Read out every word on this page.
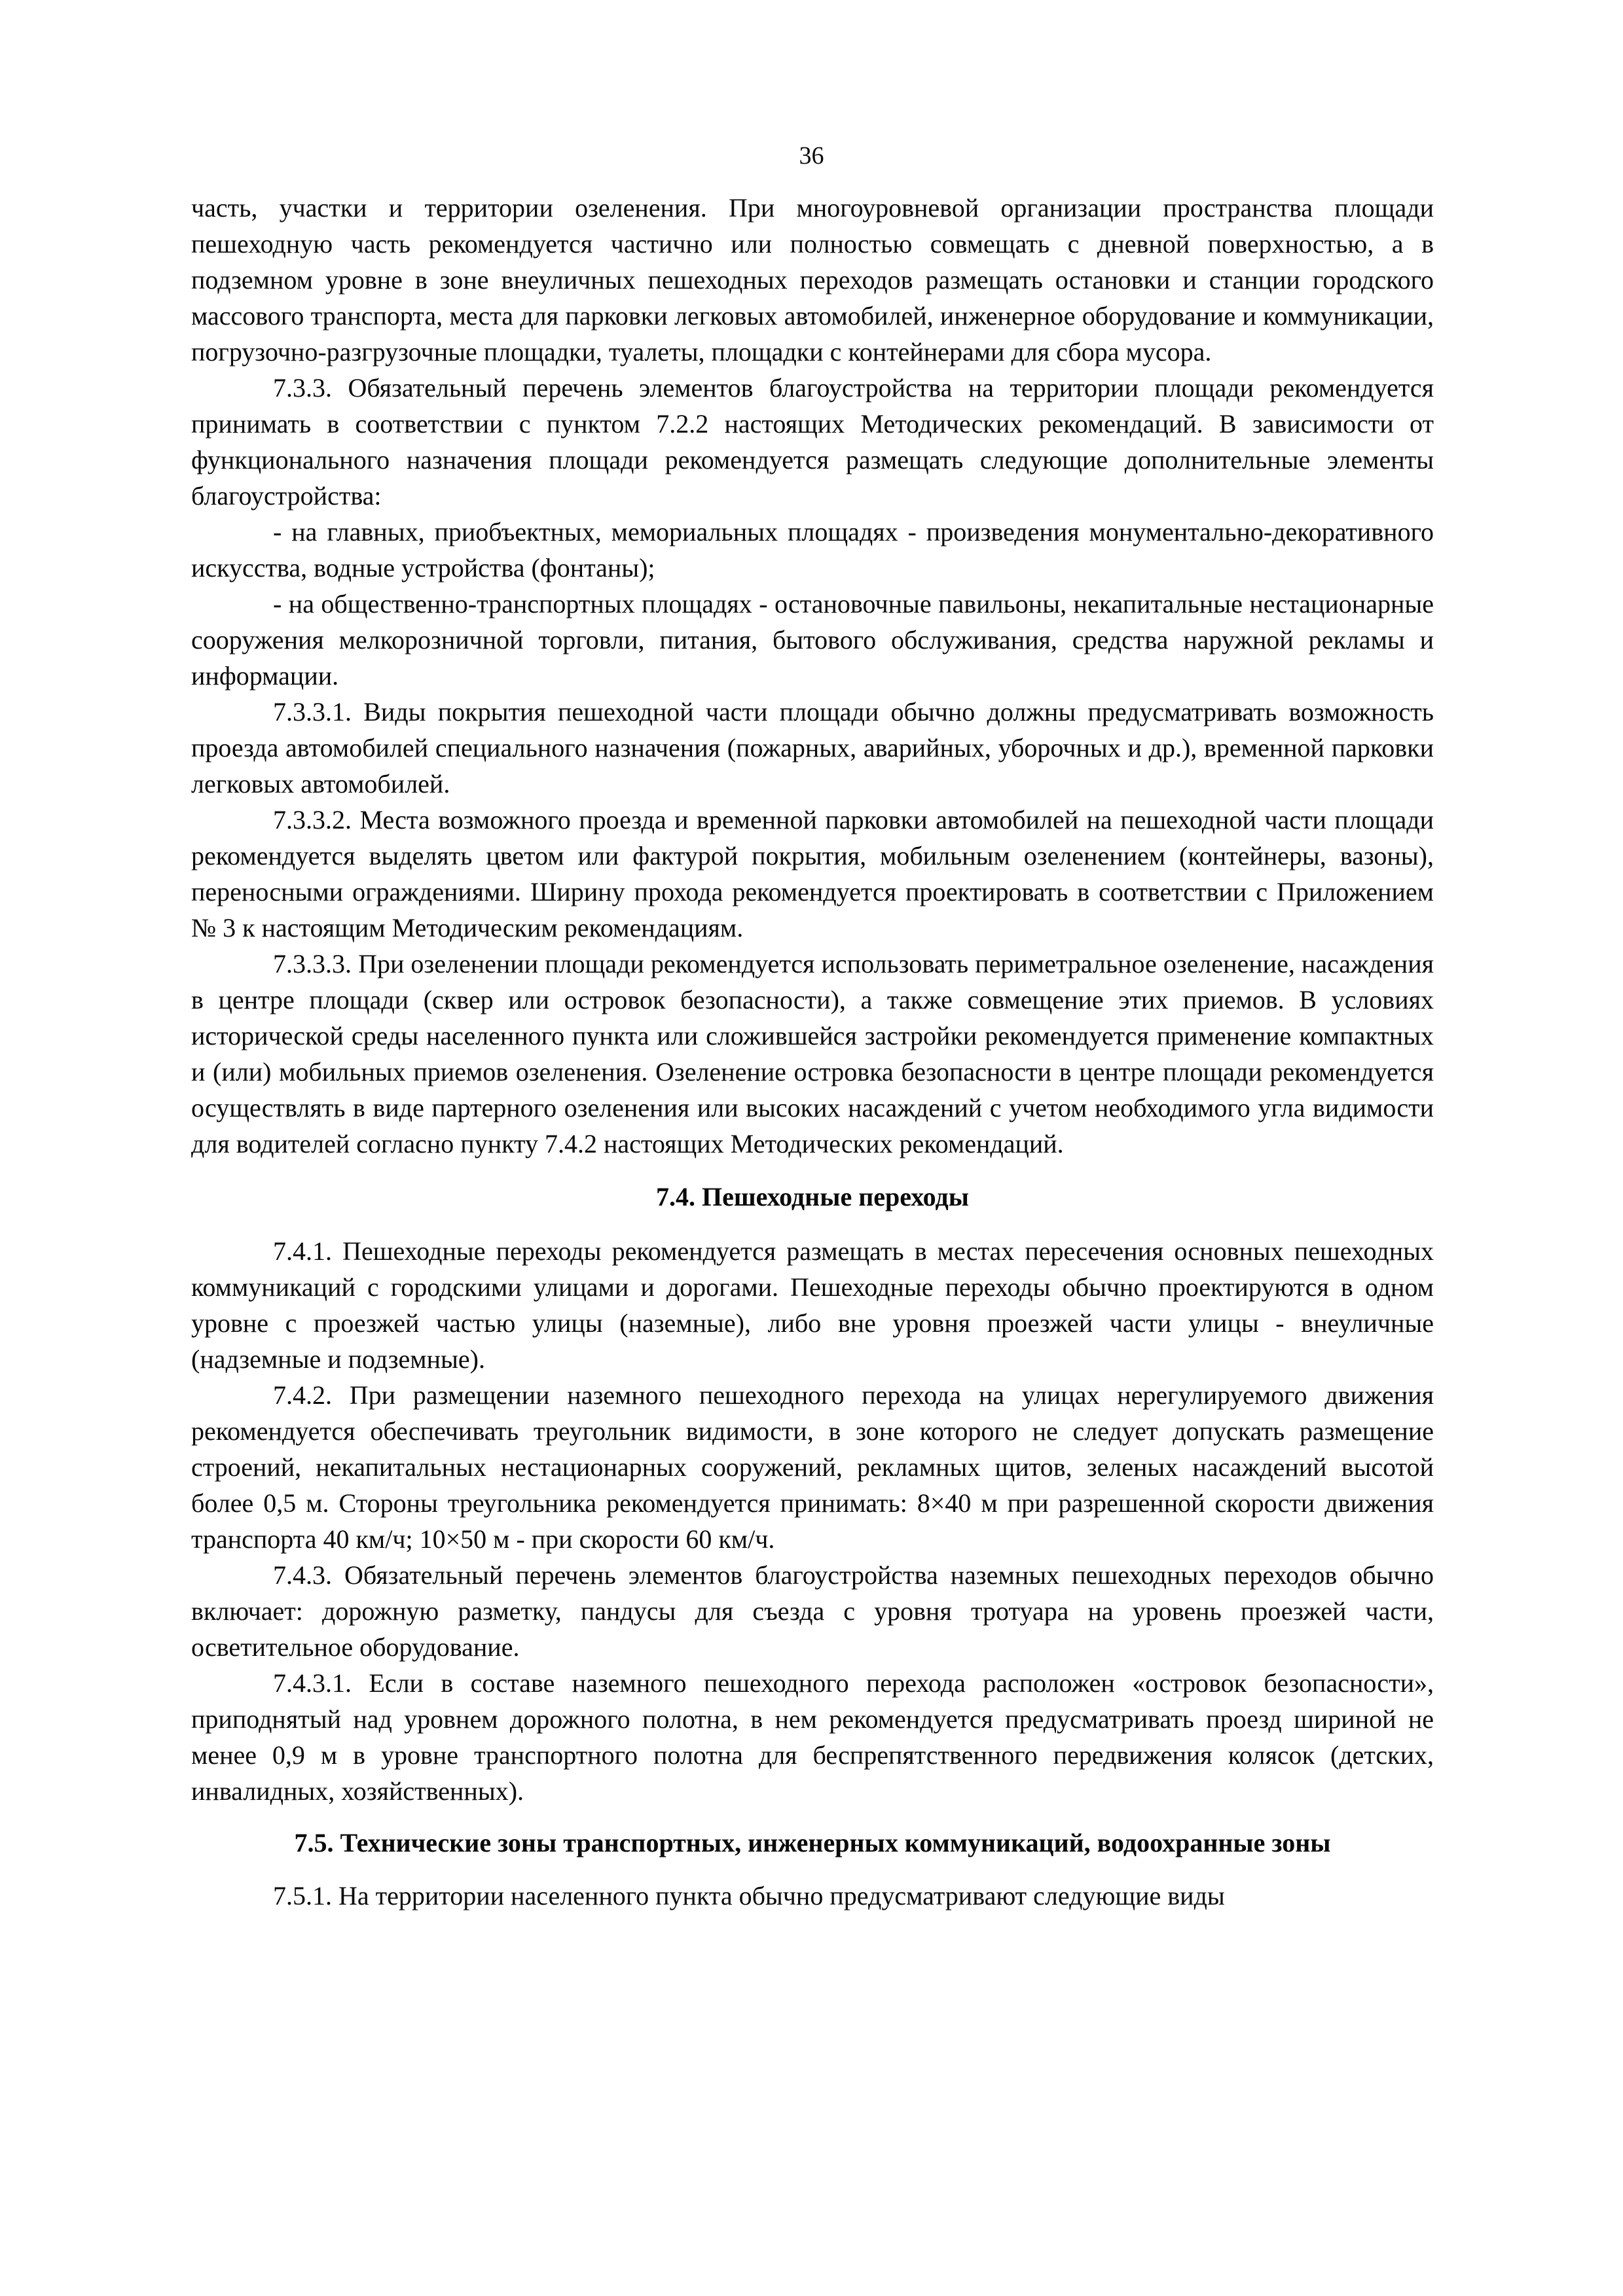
36

часть, участки и территории озеленения. При многоуровневой организации пространства площади пешеходную часть рекомендуется частично или полностью совмещать с дневной поверхностью, а в подземном уровне в зоне внеуличных пешеходных переходов размещать остановки и станции городского массового транспорта, места для парковки легковых автомобилей, инженерное оборудование и коммуникации, погрузочно-разгрузочные площадки, туалеты, площадки с контейнерами для сбора мусора.

7.3.3. Обязательный перечень элементов благоустройства на территории площади рекомендуется принимать в соответствии с пунктом 7.2.2 настоящих Методических рекомендаций. В зависимости от функционального назначения площади рекомендуется размещать следующие дополнительные элементы благоустройства:

- на главных, приобъектных, мемориальных площадях - произведения монументально-декоративного искусства, водные устройства (фонтаны);

- на общественно-транспортных площадях - остановочные павильоны, некапитальные нестационарные сооружения мелкорозничной торговли, питания, бытового обслуживания, средства наружной рекламы и информации.

7.3.3.1. Виды покрытия пешеходной части площади обычно должны предусматривать возможность проезда автомобилей специального назначения (пожарных, аварийных, уборочных и др.), временной парковки легковых автомобилей.

7.3.3.2. Места возможного проезда и временной парковки автомобилей на пешеходной части площади рекомендуется выделять цветом или фактурой покрытия, мобильным озеленением (контейнеры, вазоны), переносными ограждениями. Ширину прохода рекомендуется проектировать в соответствии с Приложением № 3 к настоящим Методическим рекомендациям.

7.3.3.3. При озеленении площади рекомендуется использовать периметральное озеленение, насаждения в центре площади (сквер или островок безопасности), а также совмещение этих приемов. В условиях исторической среды населенного пункта или сложившейся застройки рекомендуется применение компактных и (или) мобильных приемов озеленения. Озеленение островка безопасности в центре площади рекомендуется осуществлять в виде партерного озеленения или высоких насаждений с учетом необходимого угла видимости для водителей согласно пункту 7.4.2 настоящих Методических рекомендаций.

7.4. Пешеходные переходы

7.4.1. Пешеходные переходы рекомендуется размещать в местах пересечения основных пешеходных коммуникаций с городскими улицами и дорогами. Пешеходные переходы обычно проектируются в одном уровне с проезжей частью улицы (наземные), либо вне уровня проезжей части улицы - внеуличные (надземные и подземные).

7.4.2. При размещении наземного пешеходного перехода на улицах нерегулируемого движения рекомендуется обеспечивать треугольник видимости, в зоне которого не следует допускать размещение строений, некапитальных нестационарных сооружений, рекламных щитов, зеленых насаждений высотой более 0,5 м. Стороны треугольника рекомендуется принимать: 8×40 м при разрешенной скорости движения транспорта 40 км/ч; 10×50 м - при скорости 60 км/ч.

7.4.3. Обязательный перечень элементов благоустройства наземных пешеходных переходов обычно включает: дорожную разметку, пандусы для съезда с уровня тротуара на уровень проезжей части, осветительное оборудование.

7.4.3.1. Если в составе наземного пешеходного перехода расположен «островок безопасности», приподнятый над уровнем дорожного полотна, в нем рекомендуется предусматривать проезд шириной не менее 0,9 м в уровне транспортного полотна для беспрепятственного передвижения колясок (детских, инвалидных, хозяйственных).

7.5. Технические зоны транспортных, инженерных коммуникаций, водоохранные зоны

7.5.1. На территории населенного пункта обычно предусматривают следующие виды
